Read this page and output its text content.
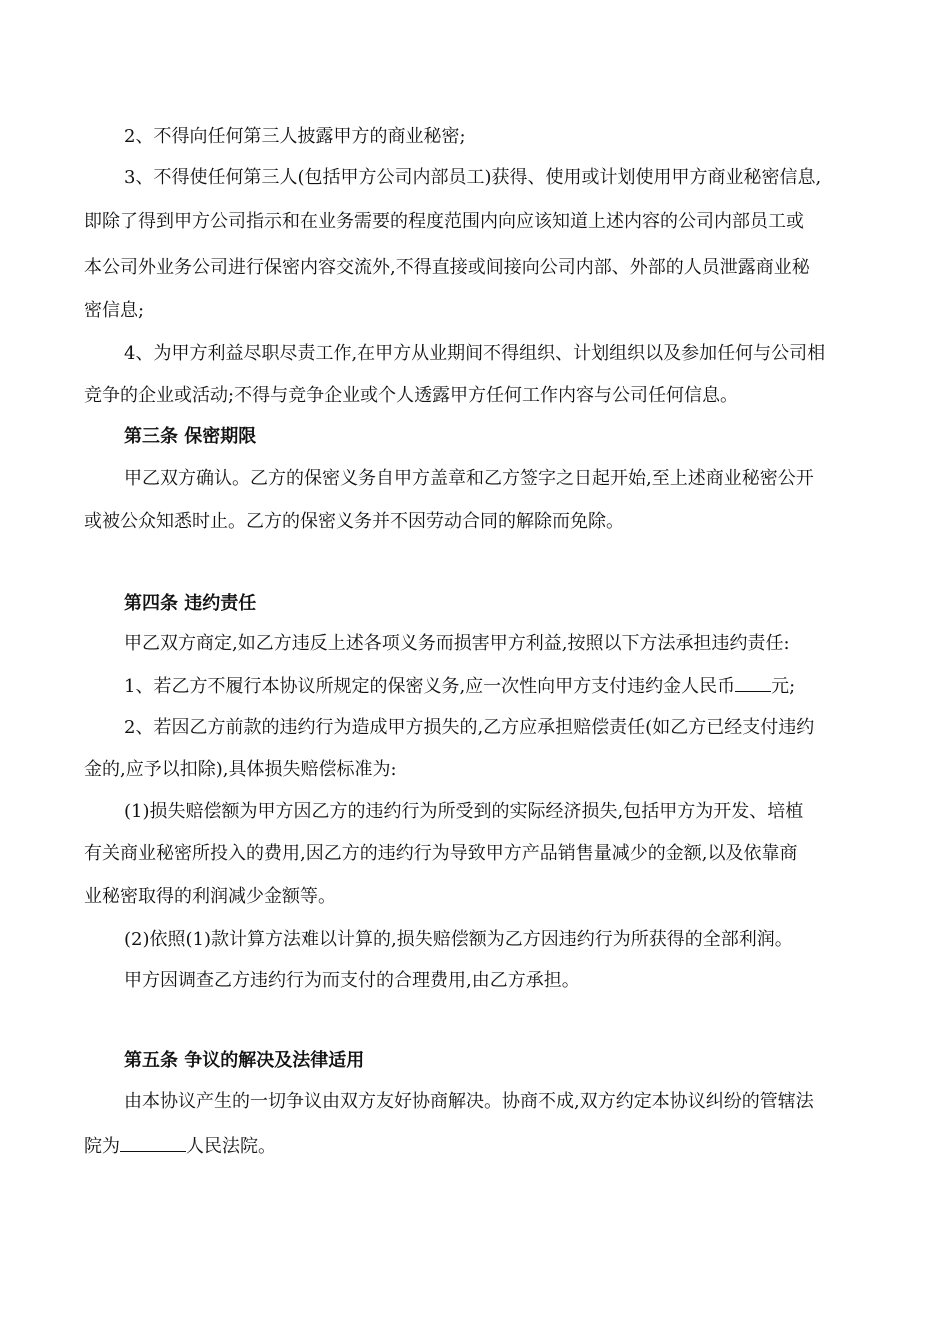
2、不得向任何第三人披露甲方的商业秘密;
3、不得使任何第三人(包括甲方公司内部员工)获得、使用或计划使用甲方商业秘密信息,
即除了得到甲方公司指示和在业务需要的程度范围内向应该知道上述内容的公司内部员工或
本公司外业务公司进行保密内容交流外,不得直接或间接向公司内部、外部的人员泄露商业秘
密信息;
4、为甲方利益尽职尽责工作,在甲方从业期间不得组织、计划组织以及参加任何与公司相
竞争的企业或活动;不得与竞争企业或个人透露甲方任何工作内容与公司任何信息。
第三条 保密期限
甲乙双方确认。乙方的保密义务自甲方盖章和乙方签字之日起开始,至上述商业秘密公开
或被公众知悉时止。乙方的保密义务并不因劳动合同的解除而免除。
第四条 违约责任
甲乙双方商定,如乙方违反上述各项义务而损害甲方利益,按照以下方法承担违约责任:
1、若乙方不履行本协议所规定的保密义务,应一次性向甲方支付违约金人民币 元;
2、若因乙方前款的违约行为造成甲方损失的,乙方应承担赔偿责任(如乙方已经支付违约
金的,应予以扣除),具体损失赔偿标准为:
(1)损失赔偿额为甲方因乙方的违约行为所受到的实际经济损失,包括甲方为开发、培植
有关商业秘密所投入的费用,因乙方的违约行为导致甲方产品销售量减少的金额,以及依靠商
业秘密取得的利润减少金额等。
(2)依照(1)款计算方法难以计算的,损失赔偿额为乙方因违约行为所获得的全部利润。
甲方因调查乙方违约行为而支付的合理费用,由乙方承担。
第五条 争议的解决及法律适用
由本协议产生的一切争议由双方友好协商解决。协商不成,双方约定本协议纠纷的管辖法
院为	人民法院。
